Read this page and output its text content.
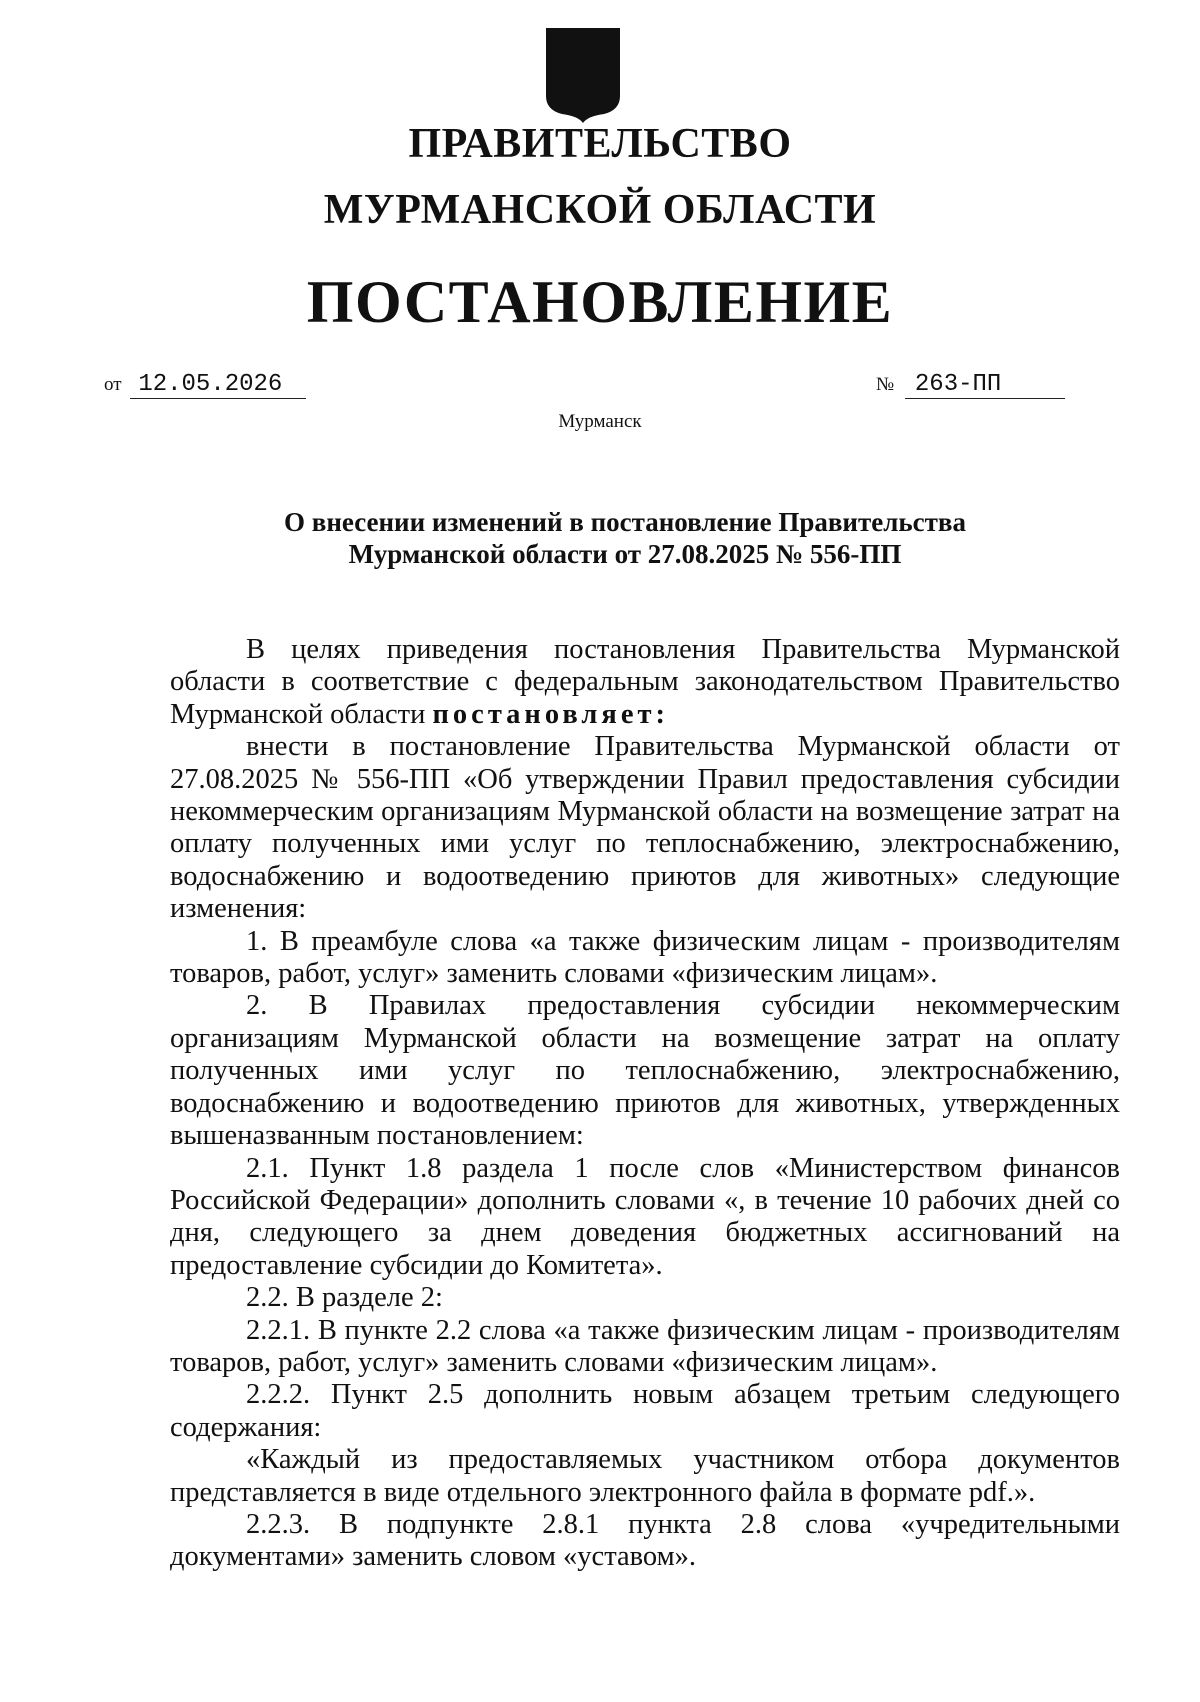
ПРАВИТЕЛЬСТВО
МУРМАНСКОЙ ОБЛАСТИ
ПОСТАНОВЛЕНИЕ
от 12.05.2026	№ 263-ПП
Мурманск
О внесении изменений в постановление Правительства
Мурманской области от 27.08.2025 № 556-ПП

В целях приведения постановления Правительства Мурманской области в соответствие с федеральным законодательством Правительство Мурманской области постановляет:

внести в постановление Правительства Мурманской области от 27.08.2025 № 556-ПП «Об утверждении Правил предоставления субсидии некоммерческим организациям Мурманской области на возмещение затрат на оплату полученных ими услуг по теплоснабжению, электроснабжению, водоснабжению и водоотведению приютов для животных» следующие изменения:

1. В преамбуле слова «а также физическим лицам - производителям товаров, работ, услуг» заменить словами «физическим лицам».

2. В Правилах предоставления субсидии некоммерческим организациям Мурманской области на возмещение затрат на оплату полученных ими услуг по теплоснабжению, электроснабжению, водоснабжению и водоотведению приютов для животных, утвержденных вышеназванным постановлением:

2.1. Пункт 1.8 раздела 1 после слов «Министерством финансов Российской Федерации» дополнить словами «, в течение 10 рабочих дней со дня, следующего за днем доведения бюджетных ассигнований на предоставление субсидии до Комитета».

2.2. В разделе 2:

2.2.1. В пункте 2.2 слова «а также физическим лицам - производителям товаров, работ, услуг» заменить словами «физическим лицам».

2.2.2. Пункт 2.5 дополнить новым абзацем третьим следующего содержания:

«Каждый из предоставляемых участником отбора документов представляется в виде отдельного электронного файла в формате pdf.».

2.2.3. В подпункте 2.8.1 пункта 2.8 слова «учредительными документами» заменить словом «уставом».
